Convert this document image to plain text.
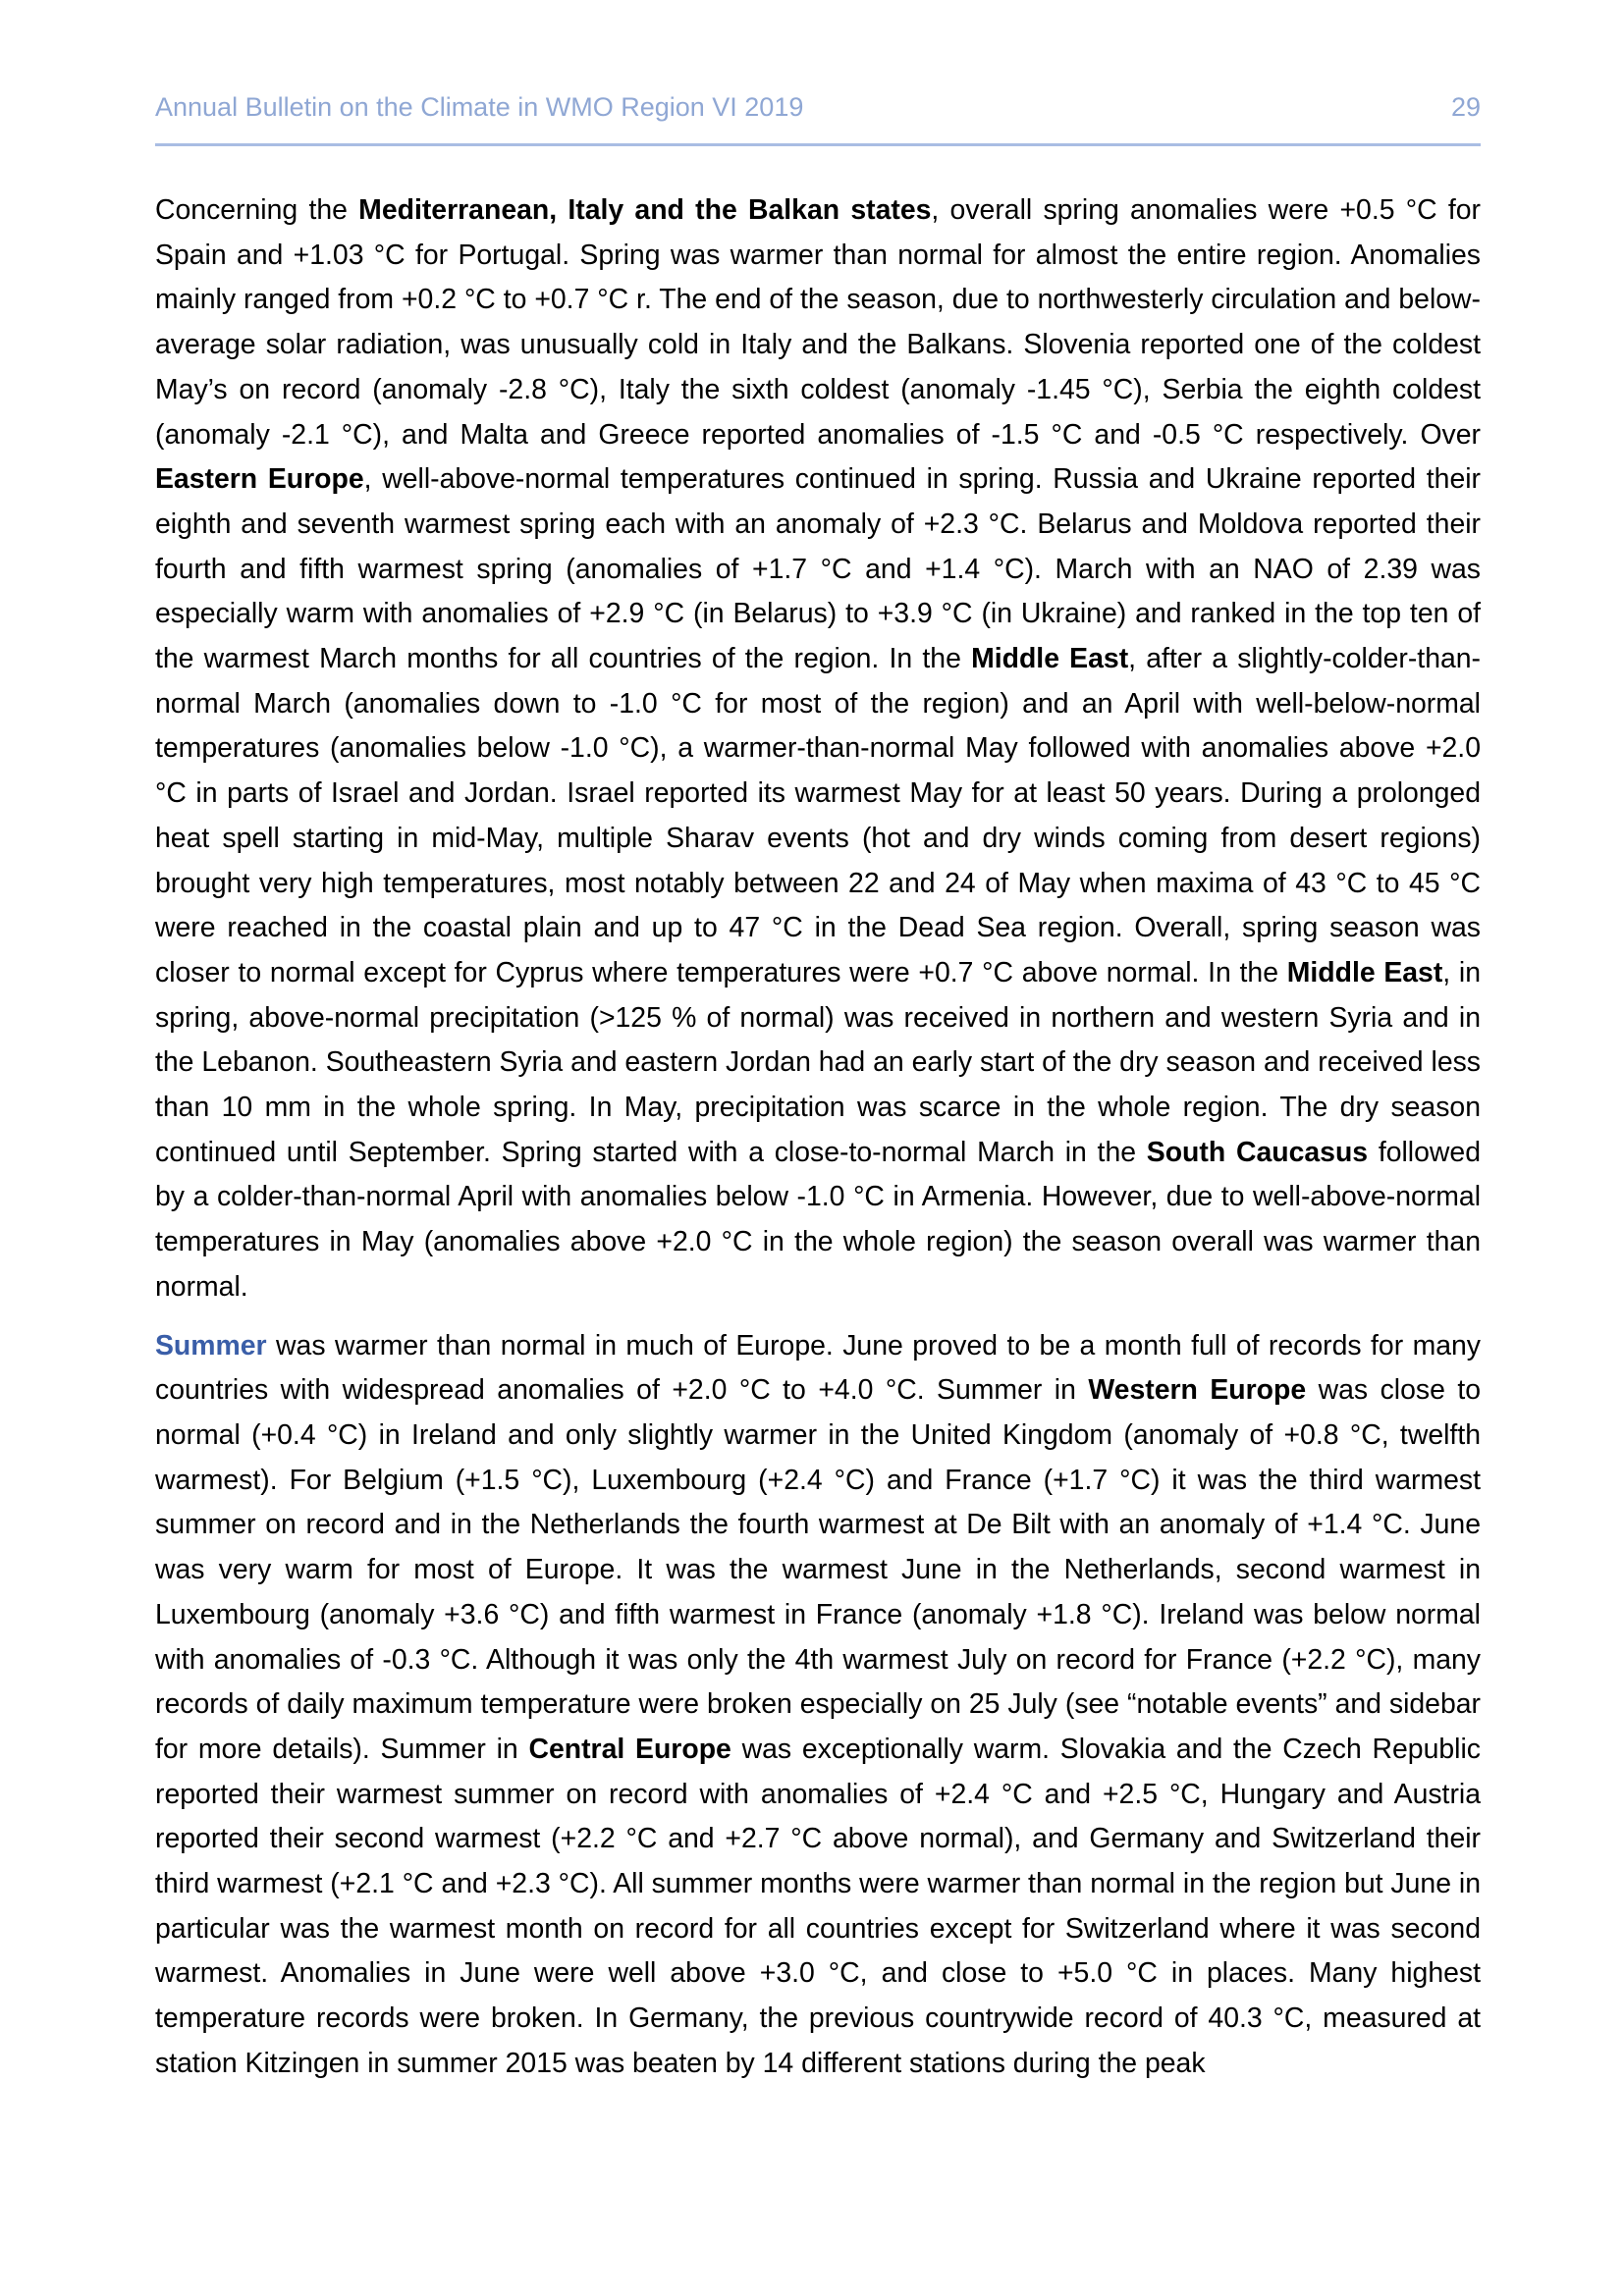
Annual Bulletin on the Climate in WMO Region VI 2019	29

Concerning the Mediterranean, Italy and the Balkan states, overall spring anomalies were +0.5 °C for Spain and +1.03 °C for Portugal. Spring was warmer than normal for almost the entire region. Anomalies mainly ranged from +0.2 °C to +0.7 °C r. The end of the season, due to northwesterly circulation and below-average solar radiation, was unusually cold in Italy and the Balkans. Slovenia reported one of the coldest May’s on record (anomaly -2.8 °C), Italy the sixth coldest (anomaly -1.45 °C), Serbia the eighth coldest (anomaly -2.1 °C), and Malta and Greece reported anomalies of -1.5 °C and -0.5 °C respectively. Over Eastern Europe, well-above-normal temperatures continued in spring. Russia and Ukraine reported their eighth and seventh warmest spring each with an anomaly of +2.3 °C. Belarus and Moldova reported their fourth and fifth warmest spring (anomalies of +1.7 °C and +1.4 °C). March with an NAO of 2.39 was especially warm with anomalies of +2.9 °C (in Belarus) to +3.9 °C (in Ukraine) and ranked in the top ten of the warmest March months for all countries of the region. In the Middle East, after a slightly-colder-than-normal March (anomalies down to -1.0 °C for most of the region) and an April with well-below-normal temperatures (anomalies below -1.0 °C), a warmer-than-normal May followed with anomalies above +2.0 °C in parts of Israel and Jordan. Israel reported its warmest May for at least 50 years. During a prolonged heat spell starting in mid-May, multiple Sharav events (hot and dry winds coming from desert regions) brought very high temperatures, most notably between 22 and 24 of May when maxima of 43 °C to 45 °C were reached in the coastal plain and up to 47 °C in the Dead Sea region. Overall, spring season was closer to normal except for Cyprus where temperatures were +0.7 °C above normal. In the Middle East, in spring, above-normal precipitation (>125 % of normal) was received in northern and western Syria and in the Lebanon. Southeastern Syria and eastern Jordan had an early start of the dry season and received less than 10 mm in the whole spring. In May, precipitation was scarce in the whole region. The dry season continued until September. Spring started with a close-to-normal March in the South Caucasus followed by a colder-than-normal April with anomalies below -1.0 °C in Armenia. However, due to well-above-normal temperatures in May (anomalies above +2.0 °C in the whole region) the season overall was warmer than normal.

Summer was warmer than normal in much of Europe. June proved to be a month full of records for many countries with widespread anomalies of +2.0 °C to +4.0 °C. Summer in Western Europe was close to normal (+0.4 °C) in Ireland and only slightly warmer in the United Kingdom (anomaly of +0.8 °C, twelfth warmest). For Belgium (+1.5 °C), Luxembourg (+2.4 °C) and France (+1.7 °C) it was the third warmest summer on record and in the Netherlands the fourth warmest at De Bilt with an anomaly of +1.4 °C. June was very warm for most of Europe. It was the warmest June in the Netherlands, second warmest in Luxembourg (anomaly +3.6 °C) and fifth warmest in France (anomaly +1.8 °C). Ireland was below normal with anomalies of -0.3 °C. Although it was only the 4th warmest July on record for France (+2.2 °C), many records of daily maximum temperature were broken especially on 25 July (see “notable events” and sidebar for more details). Summer in Central Europe was exceptionally warm. Slovakia and the Czech Republic reported their warmest summer on record with anomalies of +2.4 °C and +2.5 °C, Hungary and Austria reported their second warmest (+2.2 °C and +2.7 °C above normal), and Germany and Switzerland their third warmest (+2.1 °C and +2.3 °C). All summer months were warmer than normal in the region but June in particular was the warmest month on record for all countries except for Switzerland where it was second warmest. Anomalies in June were well above +3.0 °C, and close to +5.0 °C in places. Many highest temperature records were broken. In Germany, the previous countrywide record of 40.3 °C, measured at station Kitzingen in summer 2015 was beaten by 14 different stations during the peak
